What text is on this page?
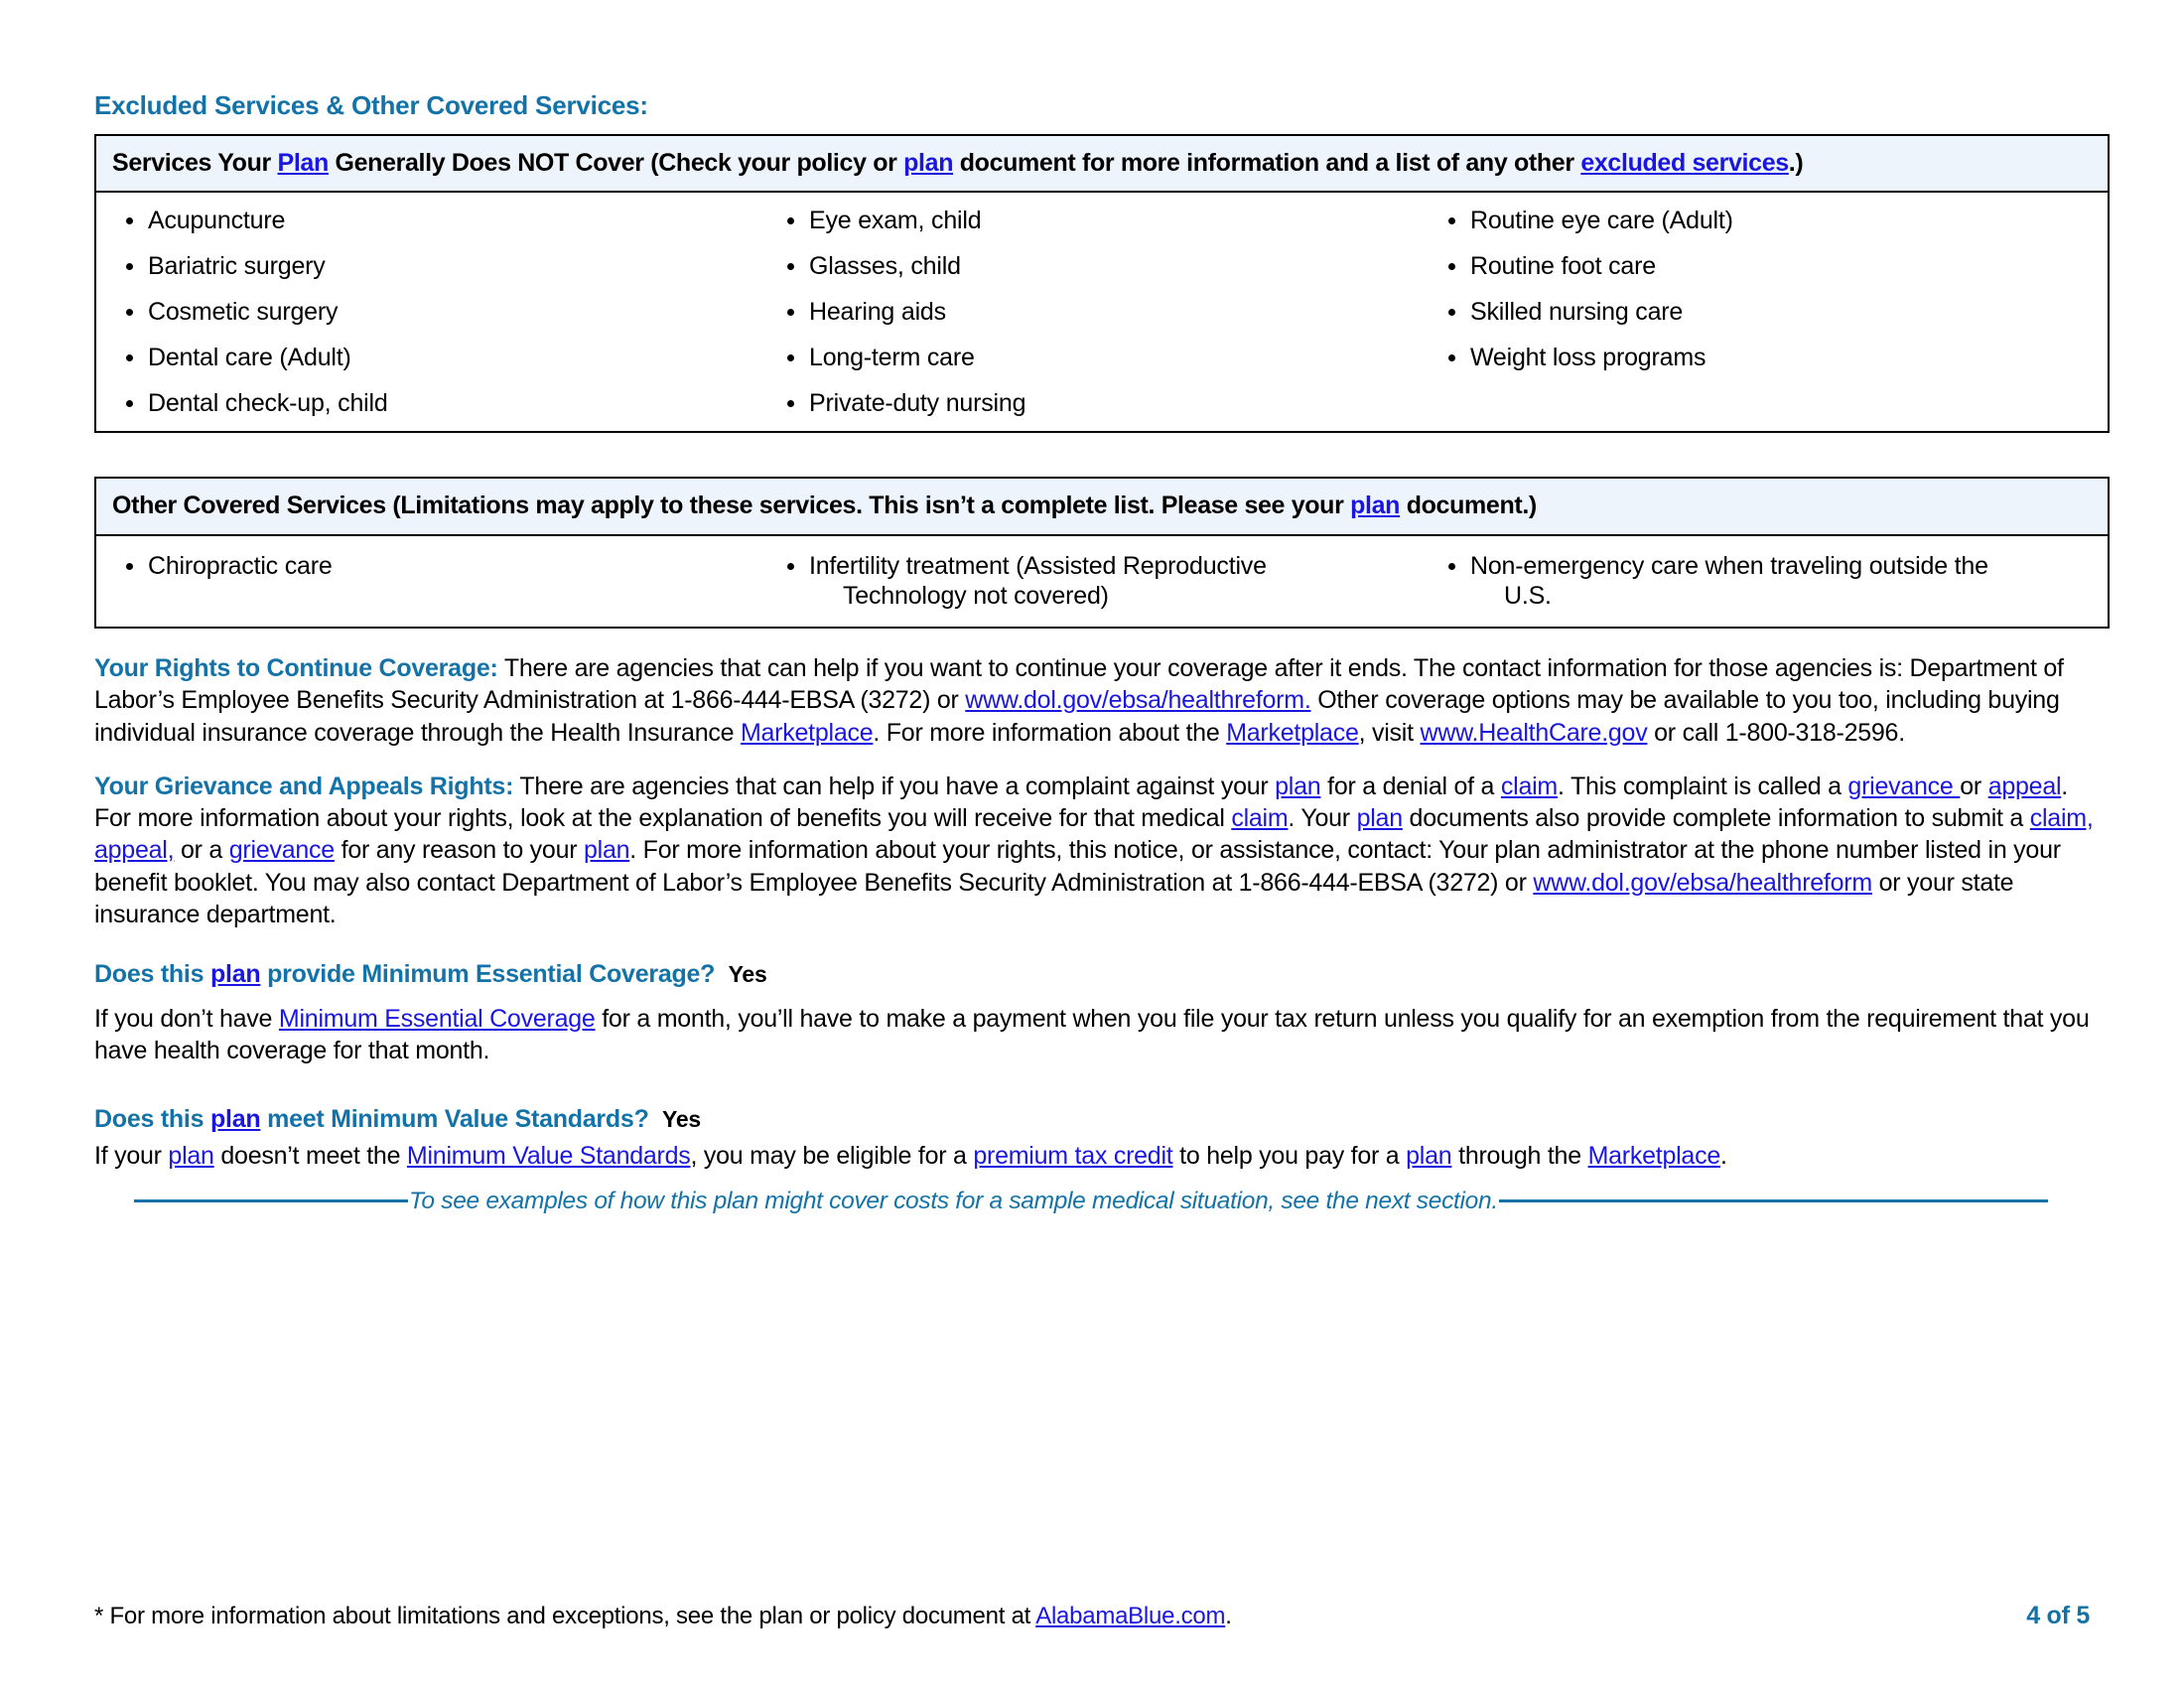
Excluded Services & Other Covered Services:
Services Your Plan Generally Does NOT Cover (Check your policy or plan document for more information and a list of any other excluded services.)
Acupuncture
Bariatric surgery
Cosmetic surgery
Dental care (Adult)
Dental check-up, child
Eye exam, child
Glasses, child
Hearing aids
Long-term care
Private-duty nursing
Routine eye care (Adult)
Routine foot care
Skilled nursing care
Weight loss programs
Other Covered Services (Limitations may apply to these services. This isn’t a complete list. Please see your plan document.)
Chiropractic care	Infertility treatment (Assisted Reproductive
Technology not covered)
Non-emergency care when traveling outside the
U.S.

Your Rights to Continue Coverage: There are agencies that can help if you want to continue your coverage after it ends. The contact information for those agencies is: Department of Labor’s Employee Benefits Security Administration at 1-866-444-EBSA (3272) or www.dol.gov/ebsa/healthreform. Other coverage options may be available to you too, including buying individual insurance coverage through the Health Insurance Marketplace. For more information about the Marketplace, visit www.HealthCare.gov or call 1-800-318-2596.

Your Grievance and Appeals Rights: There are agencies that can help if you have a complaint against your plan for a denial of a claim. This complaint is called a grievance or appeal. For more information about your rights, look at the explanation of benefits you will receive for that medical claim. Your plan documents also provide complete information to submit a claim, appeal, or a grievance for any reason to your plan. For more information about your rights, this notice, or assistance, contact: Your plan administrator at the phone number listed in your benefit booklet. You may also contact Department of Labor’s Employee Benefits Security Administration at 1-866-444-EBSA (3272) or www.dol.gov/ebsa/healthreform or your state insurance department.

Does this plan provide Minimum Essential Coverage? Yes

If you don’t have Minimum Essential Coverage for a month, you’ll have to make a payment when you file your tax return unless you qualify for an exemption from the requirement that you have health coverage for that month.

Does this plan meet Minimum Value Standards? Yes

If your plan doesn’t meet the Minimum Value Standards, you may be eligible for a premium tax credit to help you pay for a plan through the Marketplace.

To see examples of how this plan might cover costs for a sample medical situation, see the next section.
* For more information about limitations and exceptions, see the plan or policy document at AlabamaBlue.com.	4 of 5
